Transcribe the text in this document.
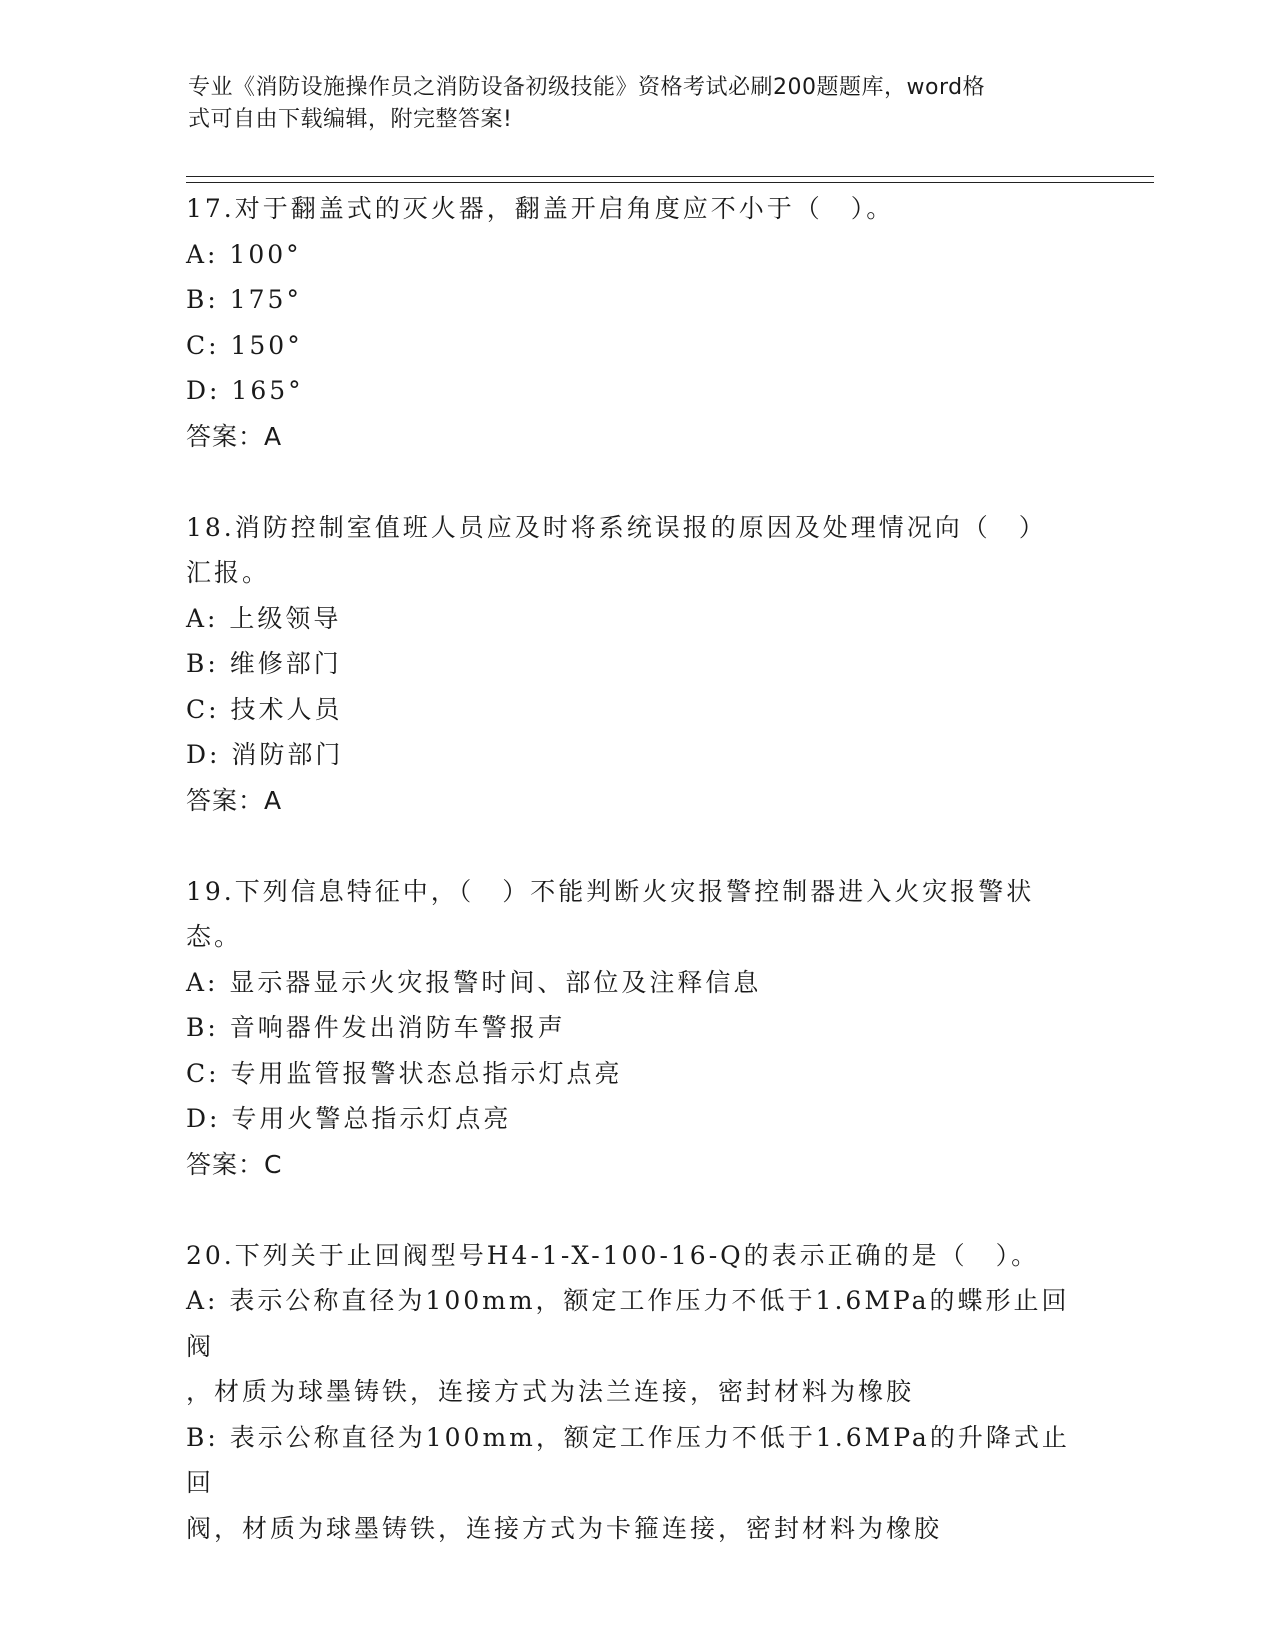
专业《消防设施操作员之消防设备初级技能》资格考试必刷200题题库，word格
式可自由下载编辑，附完整答案!

17.对于翻盖式的灭火器，翻盖开启角度应不小于（　）。

A: 100°

B: 175°

C: 150°

D: 165°

答案：A

18.消防控制室值班人员应及时将系统误报的原因及处理情况向（　）

汇报。

A: 上级领导

B: 维修部门

C: 技术人员

D: 消防部门

答案：A

19.下列信息特征中，（　）不能判断火灾报警控制器进入火灾报警状

态。

A: 显示器显示火灾报警时间、部位及注释信息

B: 音响器件发出消防车警报声

C: 专用监管报警状态总指示灯点亮

D: 专用火警总指示灯点亮

答案：C

20.下列关于止回阀型号H4-1-X-100-16-Q的表示正确的是（　）。

A: 表示公称直径为100mm，额定工作压力不低于1.6MPa的蝶形止回阀

，材质为球墨铸铁，连接方式为法兰连接，密封材料为橡胶

B: 表示公称直径为100mm，额定工作压力不低于1.6MPa的升降式止回

阀，材质为球墨铸铁，连接方式为卡箍连接，密封材料为橡胶
